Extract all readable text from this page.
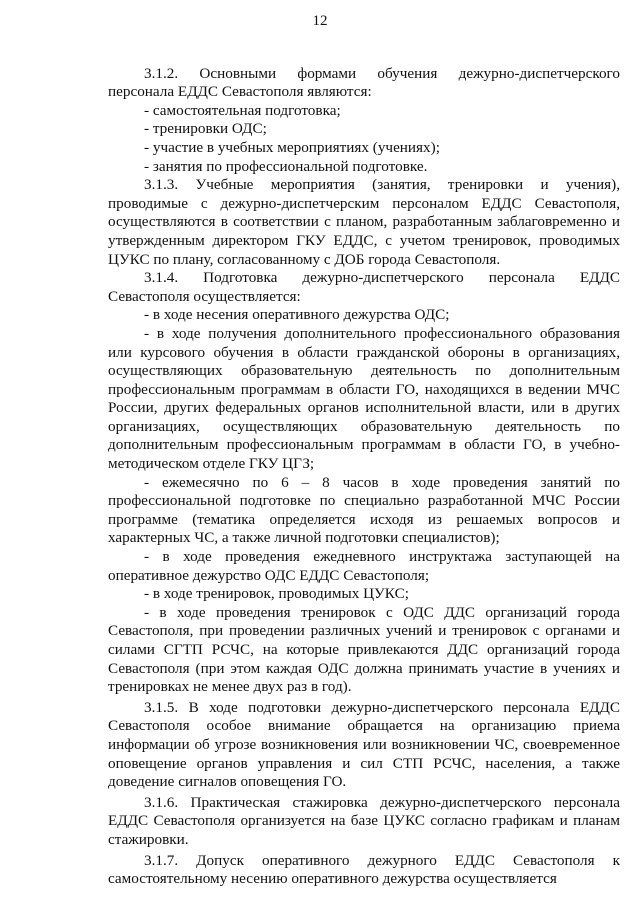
12

3.1.2. Основными формами обучения дежурно-диспетчерского персонала ЕДДС Севастополя являются:

- самостоятельная подготовка;

- тренировки ОДС;

- участие в учебных мероприятиях (учениях);

- занятия по профессиональной подготовке.

3.1.3. Учебные мероприятия (занятия, тренировки и учения), проводимые с дежурно-диспетчерским персоналом ЕДДС Севастополя, осуществляются в соответствии с планом, разработанным заблаговременно и утвержденным директором ГКУ ЕДДС, с учетом тренировок, проводимых ЦУКС по плану, согласованному с ДОБ города Севастополя.

3.1.4. Подготовка дежурно-диспетчерского персонала ЕДДС Севастополя осуществляется:

- в ходе несения оперативного дежурства ОДС;

- в ходе получения дополнительного профессионального образования или курсового обучения в области гражданской обороны в организациях, осуществляющих образовательную деятельность по дополнительным профессиональным программам в области ГО, находящихся в ведении МЧС России, других федеральных органов исполнительной власти, или в других организациях, осуществляющих образовательную деятельность по дополнительным профессиональным программам в области ГО, в учебно-методическом отделе ГКУ ЦГЗ;

- ежемесячно по 6 – 8 часов в ходе проведения занятий по профессиональной подготовке по специально разработанной МЧС России программе (тематика определяется исходя из решаемых вопросов и характерных ЧС, а также личной подготовки специалистов);

- в ходе проведения ежедневного инструктажа заступающей на оперативное дежурство ОДС ЕДДС Севастополя;

- в ходе тренировок, проводимых ЦУКС;

- в ходе проведения тренировок с ОДС ДДС организаций города Севастополя, при проведении различных учений и тренировок с органами и силами СГТП РСЧС, на которые привлекаются ДДС организаций города Севастополя (при этом каждая ОДС должна принимать участие в учениях и тренировках не менее двух раз в год).

3.1.5. В ходе подготовки дежурно-диспетчерского персонала ЕДДС Севастополя особое внимание обращается на организацию приема информации об угрозе возникновения или возникновении ЧС, своевременное оповещение органов управления и сил СТП РСЧС, населения, а также доведение сигналов оповещения ГО.

3.1.6. Практическая стажировка дежурно-диспетчерского персонала ЕДДС Севастополя организуется на базе ЦУКС согласно графикам и планам стажировки.

3.1.7. Допуск оперативного дежурного ЕДДС Севастополя к самостоятельному несению оперативного дежурства осуществляется
